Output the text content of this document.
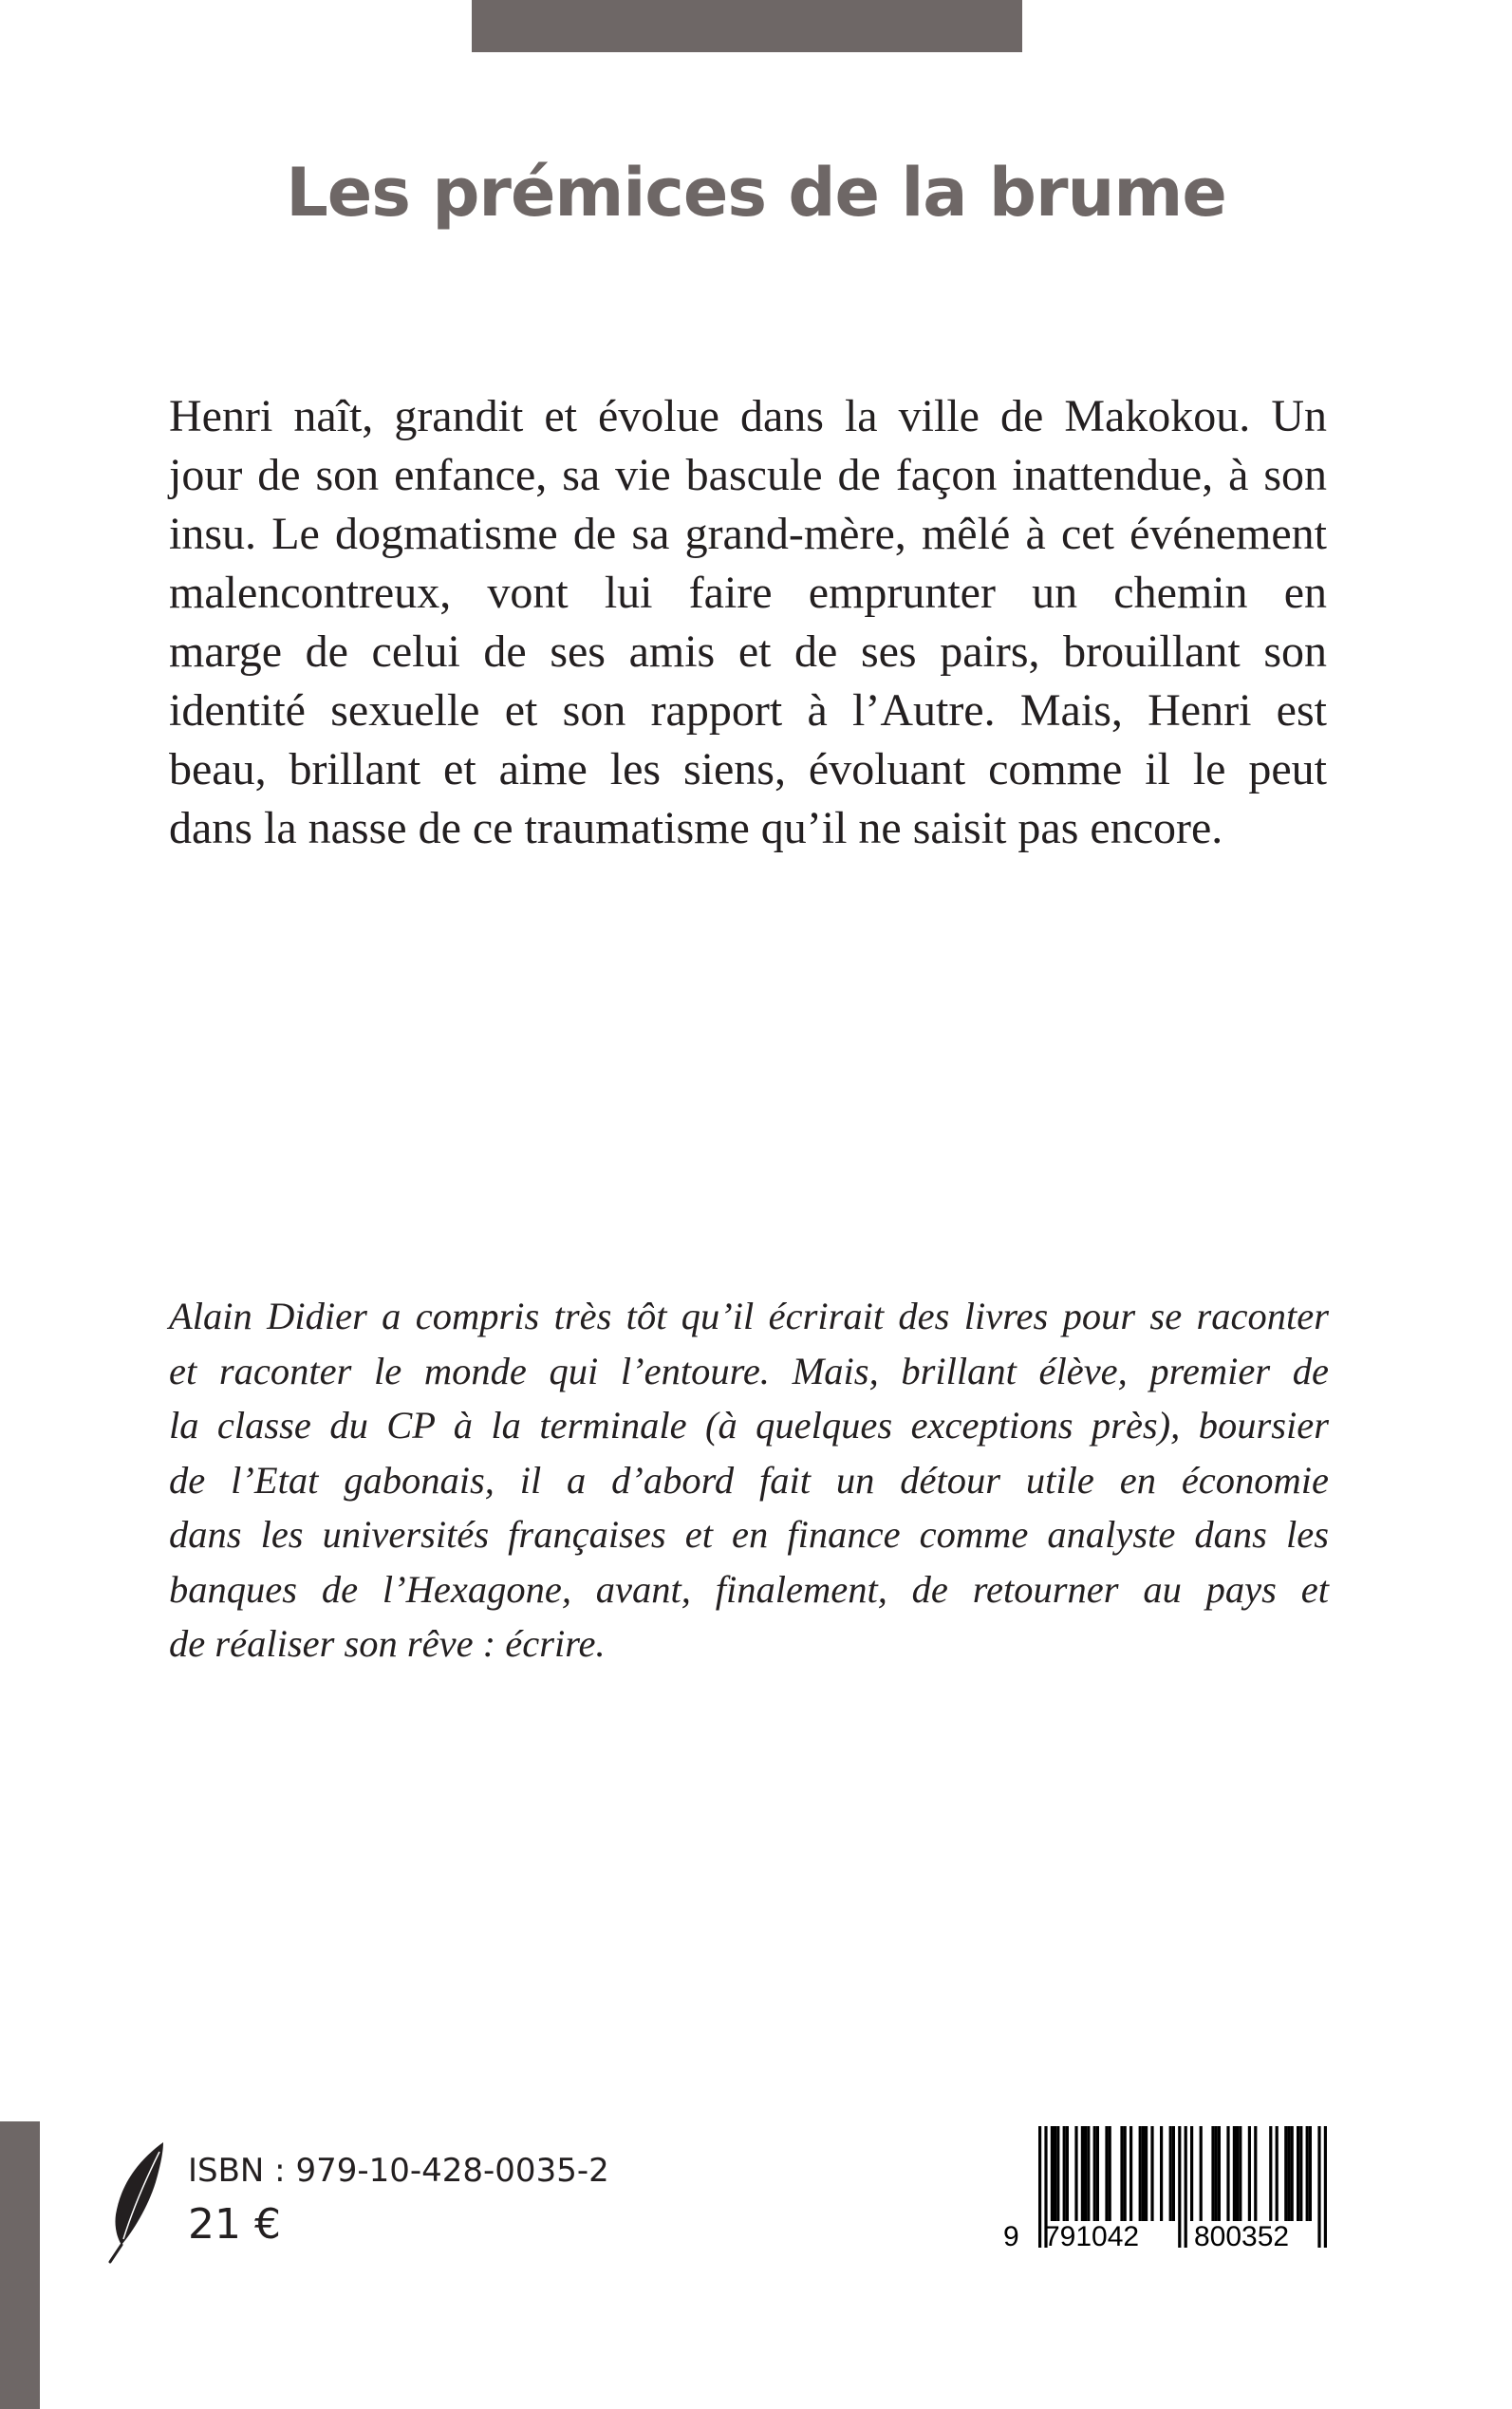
Les prémices de la brume
Henri naît, grandit et évolue dans la ville de Makokou. Un
jour de son enfance, sa vie bascule de façon inattendue, à son
insu. Le dogmatisme de sa grand-mère, mêlé à cet événement
malencontreux, vont lui faire emprunter un chemin en
marge de celui de ses amis et de ses pairs, brouillant son
identité sexuelle et son rapport à l’Autre. Mais, Henri est
beau, brillant et aime les siens, évoluant comme il le peut
dans la nasse de ce traumatisme qu’il ne saisit pas encore.
Alain Didier a compris très tôt qu’il écrirait des livres pour se raconter
et raconter le monde qui l’entoure. Mais, brillant élève, premier de
la classe du CP à la terminale (à quelques exceptions près), boursier
de l’Etat gabonais, il a d’abord fait un détour utile en économie
dans les universités françaises et en finance comme analyste dans les
banques de l’Hexagone, avant, finalement, de retourner au pays et
de réaliser son rêve : écrire.
ISBN : 979-10-428-0035-2
21 €	9 791042 800352
